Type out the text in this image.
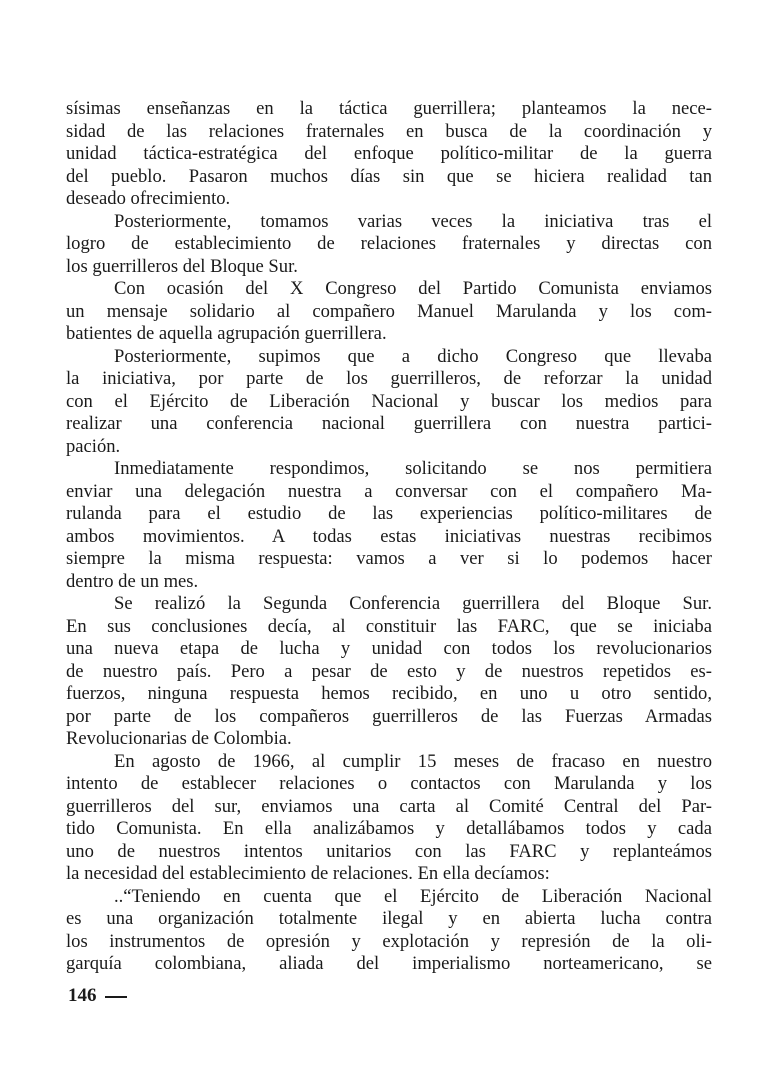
sísimas enseñanzas en la táctica guerrillera; planteamos la nece-
sidad de las relaciones fraternales en busca de la coordinación y
unidad táctica-estratégica del enfoque político-militar de la guerra
del pueblo. Pasaron muchos días sin que se hiciera realidad tan
deseado ofrecimiento.
Posteriormente, tomamos varias veces la iniciativa tras el
logro de establecimiento de relaciones fraternales y directas con
los guerrilleros del Bloque Sur.
Con ocasión del X Congreso del Partido Comunista enviamos
un mensaje solidario al compañero Manuel Marulanda y los com-
batientes de aquella agrupación guerrillera.
Posteriormente, supimos que a dicho Congreso que llevaba
la iniciativa, por parte de los guerrilleros, de reforzar la unidad
con el Ejército de Liberación Nacional y buscar los medios para
realizar una conferencia nacional guerrillera con nuestra partici-
pación.
Inmediatamente respondimos, solicitando se nos permitiera
enviar una delegación nuestra a conversar con el compañero Ma-
rulanda para el estudio de las experiencias político-militares de
ambos movimientos. A todas estas iniciativas nuestras recibimos
siempre la misma respuesta: vamos a ver si lo podemos hacer
dentro de un mes.
Se realizó la Segunda Conferencia guerrillera del Bloque Sur.
En sus conclusiones decía, al constituir las FARC, que se iniciaba
una nueva etapa de lucha y unidad con todos los revolucionarios
de nuestro país. Pero a pesar de esto y de nuestros repetidos es-
fuerzos, ninguna respuesta hemos recibido, en uno u otro sentido,
por parte de los compañeros guerrilleros de las Fuerzas Armadas
Revolucionarias de Colombia.
En agosto de 1966, al cumplir 15 meses de fracaso en nuestro
intento de establecer relaciones o contactos con Marulanda y los
guerrilleros del sur, enviamos una carta al Comité Central del Par-
tido Comunista. En ella analizábamos y detallábamos todos y cada
uno de nuestros intentos unitarios con las FARC y replanteámos
la necesidad del establecimiento de relaciones. En ella decíamos:
..“Teniendo en cuenta que el Ejército de Liberación Nacional
es una organización totalmente ilegal y en abierta lucha contra
los instrumentos de opresión y explotación y represión de la oli-
garquía colombiana, aliada del imperialismo norteamericano, se
146
